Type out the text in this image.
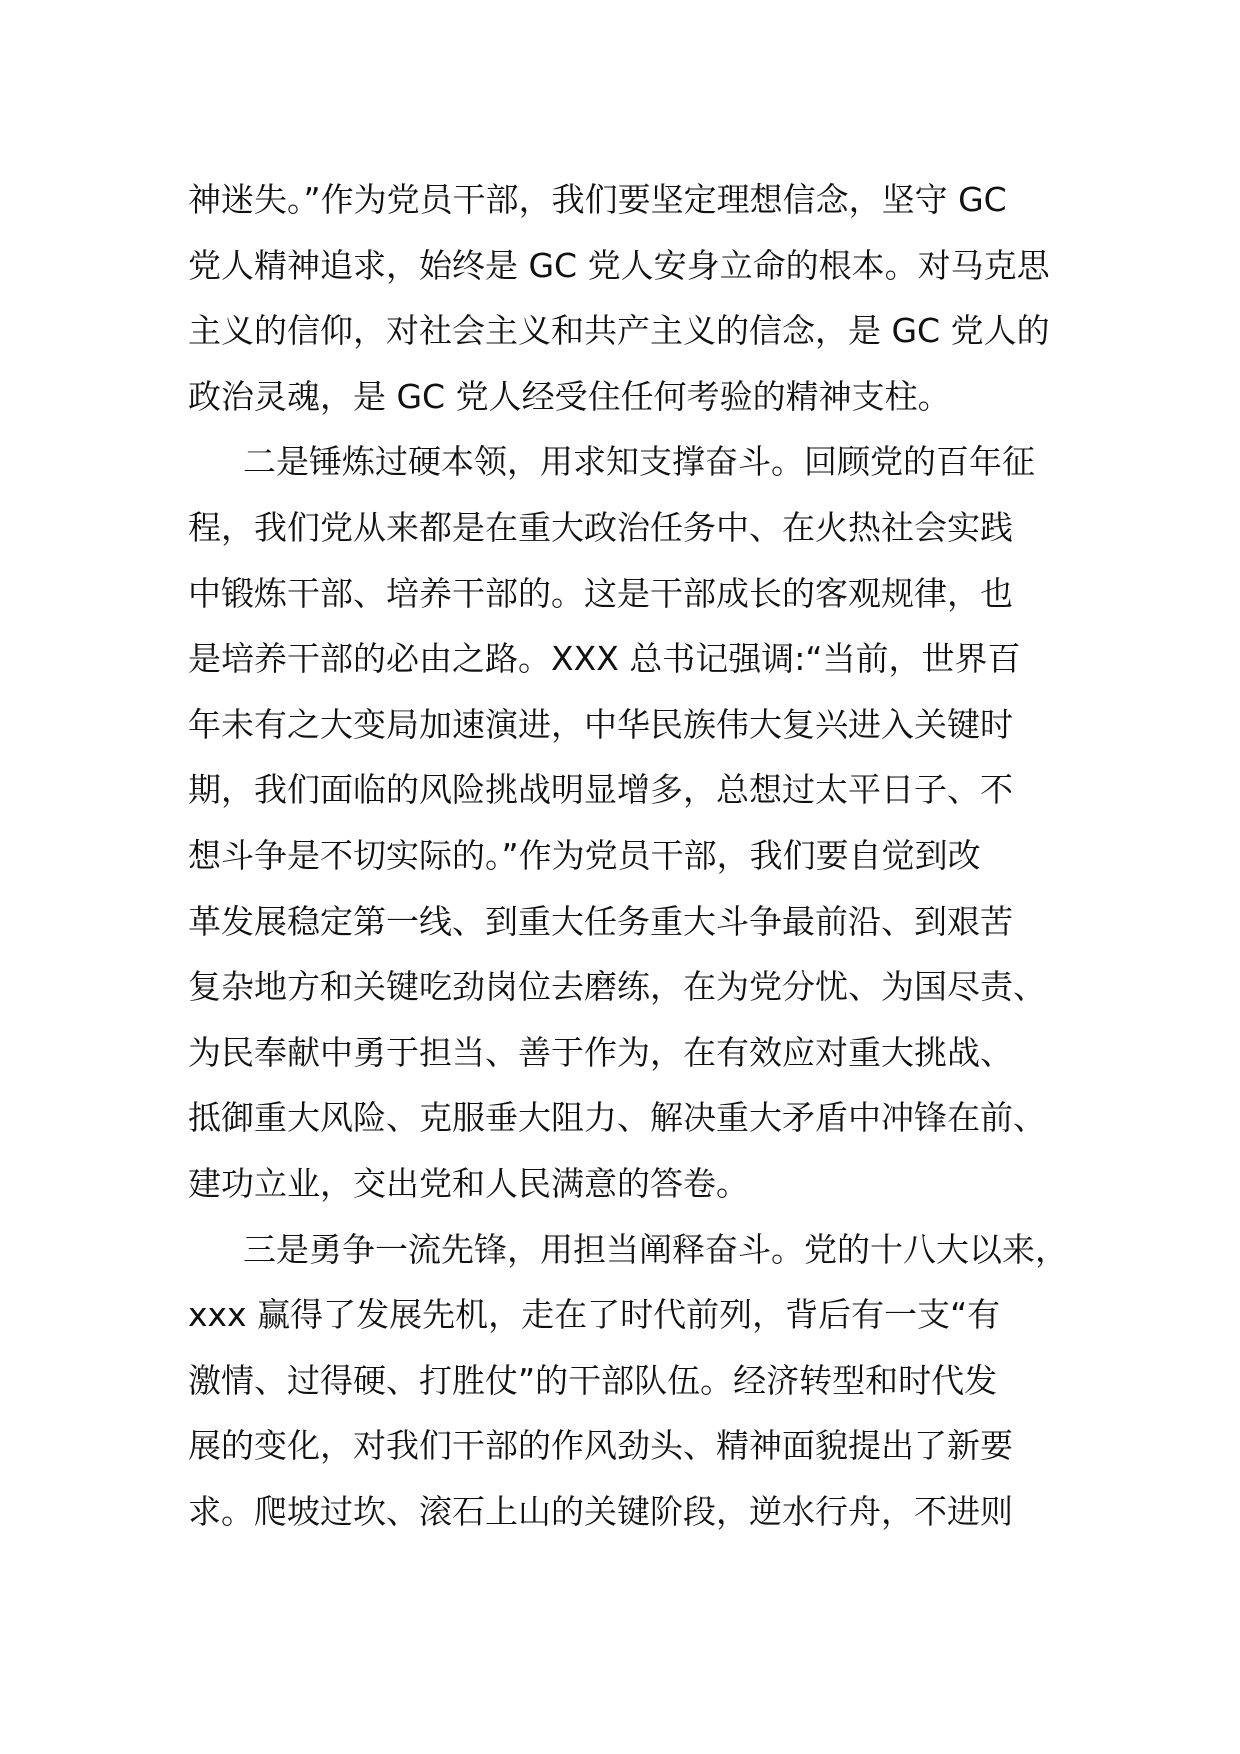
神迷失。”作为党员干部，我们要坚定理想信念，坚守 GC

党人精神追求，始终是 GC 党人安身立命的根本。对马克思

主义的信仰，对社会主义和共产主义的信念，是 GC 党人的

政治灵魂，是 GC 党人经受住任何考验的精神支柱。

二是锤炼过硬本领，用求知支撑奋斗。回顾党的百年征

程，我们党从来都是在重大政治任务中、在火热社会实践

中锻炼干部、培养干部的。这是干部成长的客观规律，也

是培养干部的必由之路。XXX 总书记强调:“当前，世界百

年未有之大变局加速演进，中华民族伟大复兴进入关键时

期，我们面临的风险挑战明显增多，总想过太平日子、不

想斗争是不切实际的。”作为党员干部，我们要自觉到改

革发展稳定第一线、到重大任务重大斗争最前沿、到艰苦

复杂地方和关键吃劲岗位去磨练，在为党分忧、为国尽责、

为民奉献中勇于担当、善于作为，在有效应对重大挑战、

抵御重大风险、克服垂大阻力、解决重大矛盾中冲锋在前、

建功立业，交出党和人民满意的答卷。

三是勇争一流先锋，用担当阐释奋斗。党的十八大以来，

xxx 赢得了发展先机，走在了时代前列，背后有一支“有

激情、过得硬、打胜仗”的干部队伍。经济转型和时代发

展的变化，对我们干部的作风劲头、精神面貌提出了新要

求。爬坡过坎、滚石上山的关键阶段，逆水行舟，不进则
